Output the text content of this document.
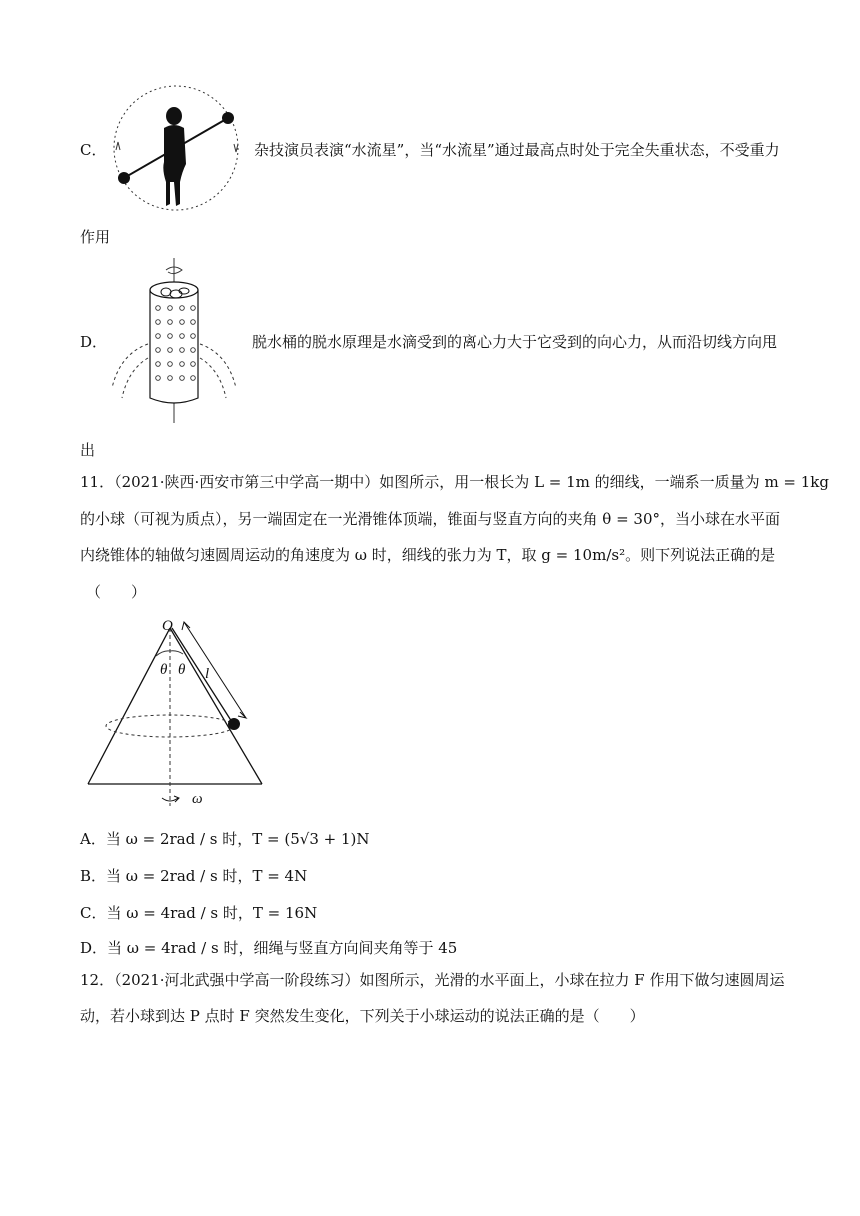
C．	杂技演员表演“水流星”，当“水流星”通过最高点时处于完全失重状态，不受重力
作用
D．	脱水桶的脱水原理是水滴受到的离心力大于它受到的向心力，从而沿切线方向甩
出
11．（2021·陕西·西安市第三中学高一期中）如图所示，用一根长为 L = 1m 的细线，一端系一质量为 m = 1kg
的小球（可视为质点），另一端固定在一光滑锥体顶端，锥面与竖直方向的夹角 θ = 30°，当小球在水平面
内绕锥体的轴做匀速圆周运动的角速度为 ω 时，细线的张力为 T，取 g = 10m/s²。则下列说法正确的是
（　　）
O
θ θ l
ω
A．当 ω = 2rad / s 时，T = (5√3 + 1)N
B．当 ω = 2rad / s 时，T = 4N
C．当 ω = 4rad / s 时，T = 16N
D．当 ω = 4rad / s 时，细绳与竖直方向间夹角等于 45
12．（2021·河北武强中学高一阶段练习）如图所示，光滑的水平面上，小球在拉力 F 作用下做匀速圆周运
动，若小球到达 P 点时 F 突然发生变化，下列关于小球运动的说法正确的是（　　）
